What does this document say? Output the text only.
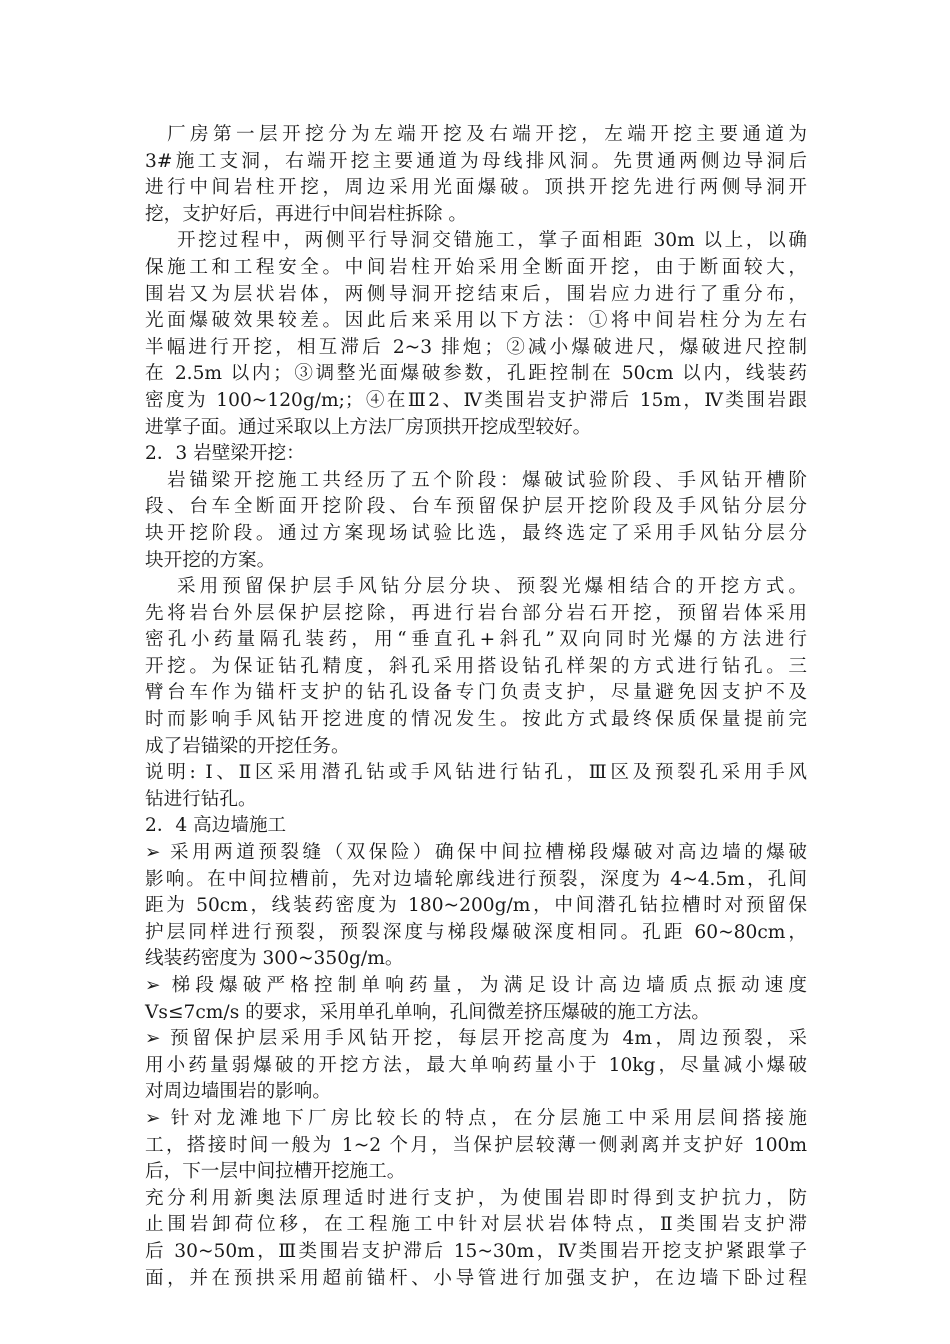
厂房第一层开挖分为左端开挖及右端开挖，左端开挖主要通道为
3#施工支洞，右端开挖主要通道为母线排风洞。先贯通两侧边导洞后
进行中间岩柱开挖，周边采用光面爆破。顶拱开挖先进行两侧导洞开
挖，支护好后，再进行中间岩柱拆除 。
开挖过程中，两侧平行导洞交错施工，掌子面相距 30m 以上，以确
保施工和工程安全。中间岩柱开始采用全断面开挖，由于断面较大，
围岩又为层状岩体，两侧导洞开挖结束后，围岩应力进行了重分布，
光面爆破效果较差。因此后来采用以下方法：①将中间岩柱分为左右
半幅进行开挖，相互滞后 2~3 排炮；②减小爆破进尺，爆破进尺控制
在 2.5m 以内；③调整光面爆破参数，孔距控制在 50cm 以内，线装药
密度为 100~120g/m;；④在Ⅲ2、Ⅳ类围岩支护滞后 15m，Ⅳ类围岩跟
进掌子面。通过采取以上方法厂房顶拱开挖成型较好。
2．3 岩壁梁开挖：
岩锚梁开挖施工共经历了五个阶段：爆破试验阶段、手风钻开槽阶
段、台车全断面开挖阶段、台车预留保护层开挖阶段及手风钻分层分
块开挖阶段。通过方案现场试验比选，最终选定了采用手风钻分层分
块开挖的方案。
采用预留保护层手风钻分层分块、预裂光爆相结合的开挖方式。
先将岩台外层保护层挖除，再进行岩台部分岩石开挖，预留岩体采用
密孔小药量隔孔装药，用“垂直孔+斜孔”双向同时光爆的方法进行
开挖。为保证钻孔精度，斜孔采用搭设钻孔样架的方式进行钻孔。三
臂台车作为锚杆支护的钻孔设备专门负责支护，尽量避免因支护不及
时而影响手风钻开挖进度的情况发生。按此方式最终保质保量提前完
成了岩锚梁的开挖任务。
说明: Ⅰ、Ⅱ区采用潜孔钻或手风钻进行钻孔，Ⅲ区及预裂孔采用手风
钻进行钻孔。
2．4 高边墙施工
➢ 采用两道预裂缝（双保险）确保中间拉槽梯段爆破对高边墙的爆破
影响。在中间拉槽前，先对边墙轮廓线进行预裂，深度为 4~4.5m，孔间
距为 50cm，线装药密度为 180~200g/m，中间潜孔钻拉槽时对预留保
护层同样进行预裂，预裂深度与梯段爆破深度相同。孔距 60~80cm，
线装药密度为 300~350g/m。
➢ 梯段爆破严格控制单响药量，为满足设计高边墙质点振动速度
Vs≤7cm/s 的要求，采用单孔单响，孔间微差挤压爆破的施工方法。
➢ 预留保护层采用手风钻开挖，每层开挖高度为 4m，周边预裂，采
用小药量弱爆破的开挖方法，最大单响药量小于 10kg，尽量减小爆破
对周边墙围岩的影响。
➢ 针对龙滩地下厂房比较长的特点，在分层施工中采用层间搭接施
工，搭接时间一般为 1~2 个月，当保护层较薄一侧剥离并支护好 100m
后，下一层中间拉槽开挖施工。
充分利用新奥法原理适时进行支护，为使围岩即时得到支护抗力，防
止围岩卸荷位移，在工程施工中针对层状岩体特点，Ⅱ类围岩支护滞
后 30~50m，Ⅲ类围岩支护滞后 15~30m，Ⅳ类围岩开挖支护紧跟掌子
面，并在预拱采用超前锚杆、小导管进行加强支护，在边墙下卧过程
